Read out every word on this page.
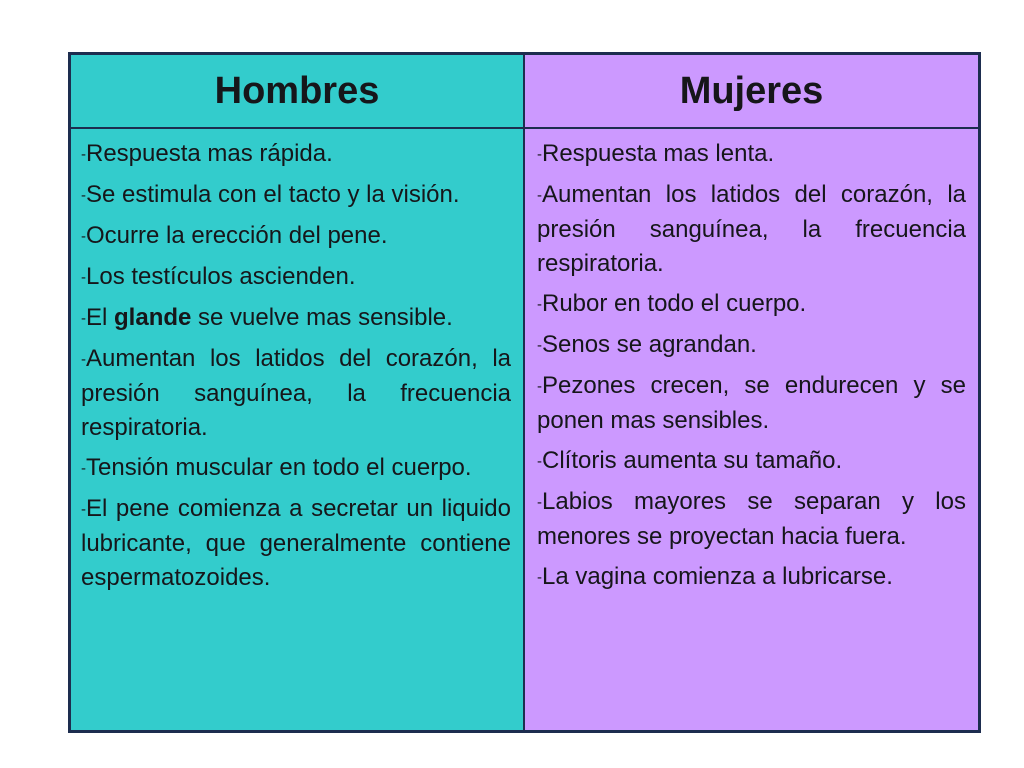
Hombres	Mujeres

-Respuesta mas rápida.

-Se estimula con el tacto y la visión.

-Ocurre la erección del pene.

-Los testículos ascienden.

-El glande se vuelve mas sensible.

-Aumentan los latidos del corazón, la presión sanguínea, la frecuencia respiratoria.

-Tensión muscular en todo el cuerpo.

-El pene comienza a secretar un liquido lubricante, que generalmente contiene espermatozoides.

-Respuesta mas lenta.

-Aumentan los latidos del corazón, la presión sanguínea, la frecuencia respiratoria.

-Rubor en todo el cuerpo.

-Senos se agrandan.

-Pezones crecen, se endurecen y se ponen mas sensibles.

-Clítoris aumenta su tamaño.

-Labios mayores se separan y los menores se proyectan hacia fuera.

-La vagina comienza a lubricarse.
